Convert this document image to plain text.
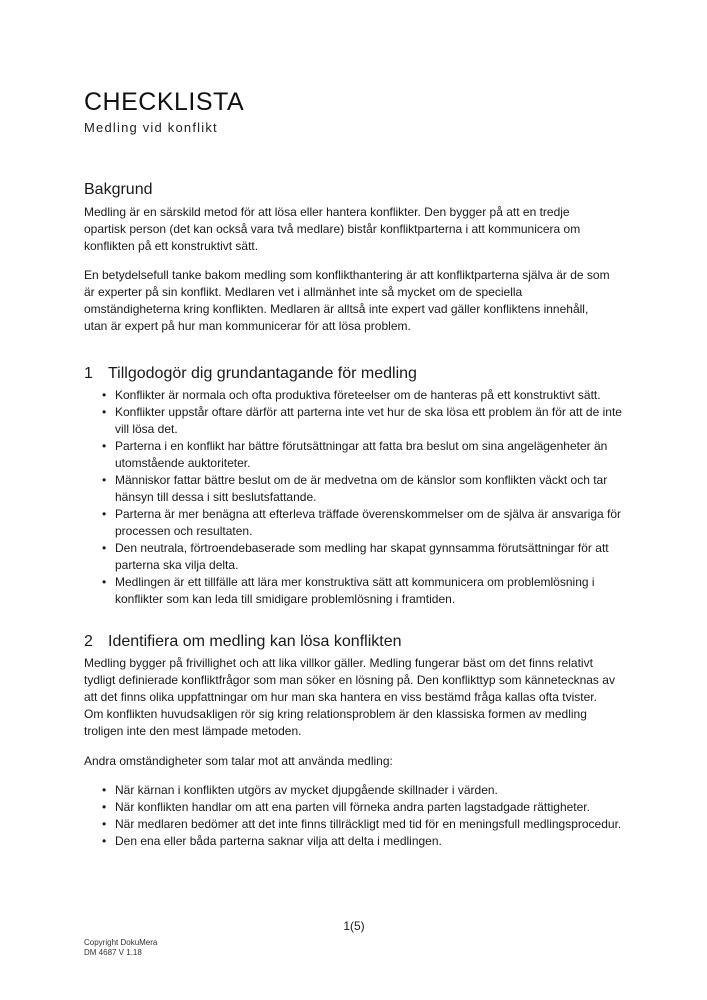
CHECKLISTA
Medling vid konflikt
Bakgrund

Medling är en särskild metod för att lösa eller hantera konflikter. Den bygger på att en tredje opartisk person (det kan också vara två medlare) bistår konfliktparterna i att kommunicera om konflikten på ett konstruktivt sätt.

En betydelsefull tanke bakom medling som konflikthantering är att konfliktparterna själva är de som är experter på sin konflikt. Medlaren vet i allmänhet inte så mycket om de speciella omständigheterna kring konflikten. Medlaren är alltså inte expert vad gäller konfliktens innehåll, utan är expert på hur man kommunicerar för att lösa problem.

1 Tillgodogör dig grundantagande för medling
• Konflikter är normala och ofta produktiva företeelser om de hanteras på ett konstruktivt sätt.
• Konflikter uppstår oftare därför att parterna inte vet hur de ska lösa ett problem än för att de inte vill lösa det.
• Parterna i en konflikt har bättre förutsättningar att fatta bra beslut om sina angelägenheter än utomstående auktoriteter.
• Människor fattar bättre beslut om de är medvetna om de känslor som konflikten väckt och tar hänsyn till dessa i sitt beslutsfattande.
• Parterna är mer benägna att efterleva träffade överenskommelser om de själva är ansvariga för processen och resultaten.
• Den neutrala, förtroendebaserade som medling har skapat gynnsamma förutsättningar för att parterna ska vilja delta.
• Medlingen är ett tillfälle att lära mer konstruktiva sätt att kommunicera om problemlösning i konflikter som kan leda till smidigare problemlösning i framtiden.
2 Identifiera om medling kan lösa konflikten

Medling bygger på frivillighet och att lika villkor gäller. Medling fungerar bäst om det finns relativt tydligt definierade konfliktfrågor som man söker en lösning på. Den konflikttyp som kännetecknas av att det finns olika uppfattningar om hur man ska hantera en viss bestämd fråga kallas ofta tvister. Om konflikten huvudsakligen rör sig kring relationsproblem är den klassiska formen av medling troligen inte den mest lämpade metoden.

Andra omständigheter som talar mot att använda medling:

• När kärnan i konflikten utgörs av mycket djupgående skillnader i värden.
• När konflikten handlar om att ena parten vill förneka andra parten lagstadgade rättigheter.
• När medlaren bedömer att det inte finns tillräckligt med tid för en meningsfull medlingsprocedur.
• Den ena eller båda parterna saknar vilja att delta i medlingen.
1(5)
Copyright DokuMera
DM 4687 V 1.18
